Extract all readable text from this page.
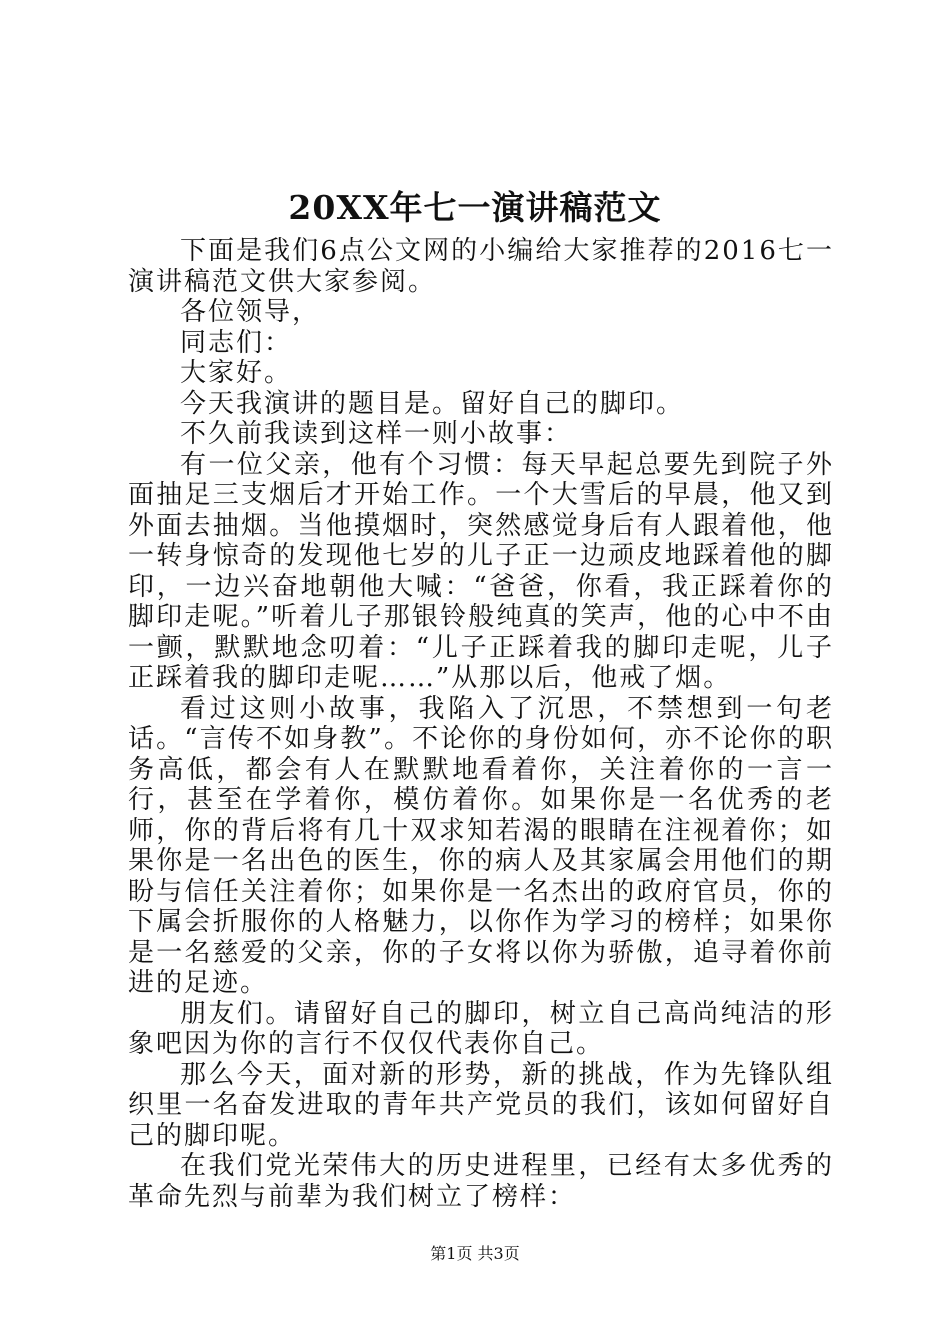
20XX年七一演讲稿范文

下面是我们6点公文网的小编给大家推荐的2016七一演讲稿范文供大家参阅。

各位领导，

同志们：

大家好。

今天我演讲的题目是。留好自己的脚印。

不久前我读到这样一则小故事：

有一位父亲，他有个习惯：每天早起总要先到院子外面抽足三支烟后才开始工作。一个大雪后的早晨，他又到外面去抽烟。当他摸烟时，突然感觉身后有人跟着他，他一转身惊奇的发现他七岁的儿子正一边顽皮地踩着他的脚印，一边兴奋地朝他大喊：“爸爸，你看，我正踩着你的脚印走呢。”听着儿子那银铃般纯真的笑声，他的心中不由一颤，默默地念叨着：“儿子正踩着我的脚印走呢，儿子正踩着我的脚印走呢……”从那以后，他戒了烟。

看过这则小故事，我陷入了沉思，不禁想到一句老话。“言传不如身教”。不论你的身份如何，亦不论你的职务高低，都会有人在默默地看着你，关注着你的一言一行，甚至在学着你，模仿着你。如果你是一名优秀的老师，你的背后将有几十双求知若渴的眼睛在注视着你；如果你是一名出色的医生，你的病人及其家属会用他们的期盼与信任关注着你；如果你是一名杰出的政府官员，你的下属会折服你的人格魅力，以你作为学习的榜样；如果你是一名慈爱的父亲，你的子女将以你为骄傲，追寻着你前进的足迹。

朋友们。请留好自己的脚印，树立自己高尚纯洁的形象吧因为你的言行不仅仅代表你自己。

那么今天，面对新的形势，新的挑战，作为先锋队组织里一名奋发进取的青年共产党员的我们，该如何留好自己的脚印呢。

在我们党光荣伟大的历史进程里，已经有太多优秀的革命先烈与前辈为我们树立了榜样：

第1页 共3页
